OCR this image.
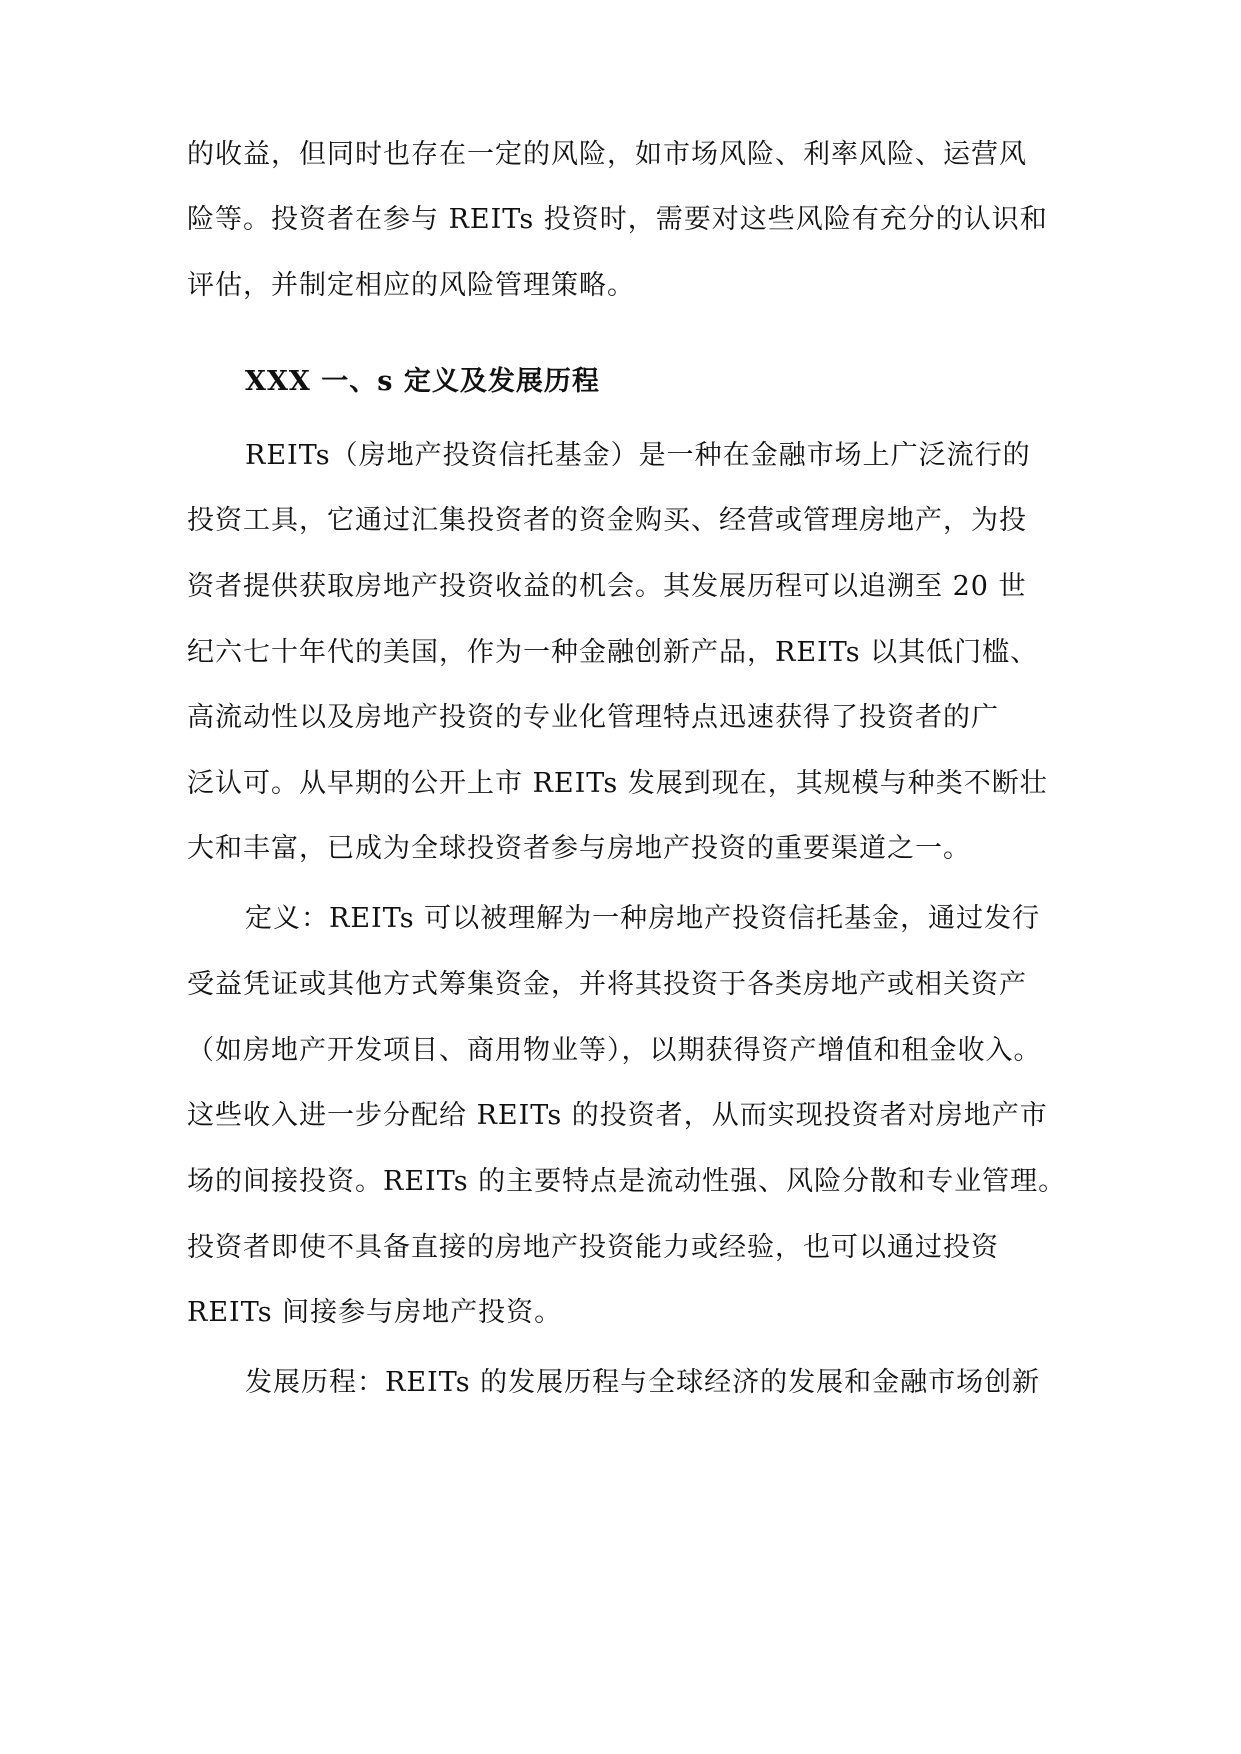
的收益，但同时也存在一定的风险，如市场风险、利率风险、运营风
险等。投资者在参与 REITs 投资时，需要对这些风险有充分的认识和
评估，并制定相应的风险管理策略。
XXX 一、s 定义及发展历程
REITs（房地产投资信托基金）是一种在金融市场上广泛流行的
投资工具，它通过汇集投资者的资金购买、经营或管理房地产，为投
资者提供获取房地产投资收益的机会。其发展历程可以追溯至 20 世
纪六七十年代的美国，作为一种金融创新产品，REITs 以其低门槛、
高流动性以及房地产投资的专业化管理特点迅速获得了投资者的广
泛认可。从早期的公开上市 REITs 发展到现在，其规模与种类不断壮
大和丰富，已成为全球投资者参与房地产投资的重要渠道之一。
定义：REITs 可以被理解为一种房地产投资信托基金，通过发行
受益凭证或其他方式筹集资金，并将其投资于各类房地产或相关资产
（如房地产开发项目、商用物业等），以期获得资产增值和租金收入。
这些收入进一步分配给 REITs 的投资者，从而实现投资者对房地产市
场的间接投资。REITs 的主要特点是流动性强、风险分散和专业管理。
投资者即使不具备直接的房地产投资能力或经验，也可以通过投资
REITs 间接参与房地产投资。
发展历程：REITs 的发展历程与全球经济的发展和金融市场创新
